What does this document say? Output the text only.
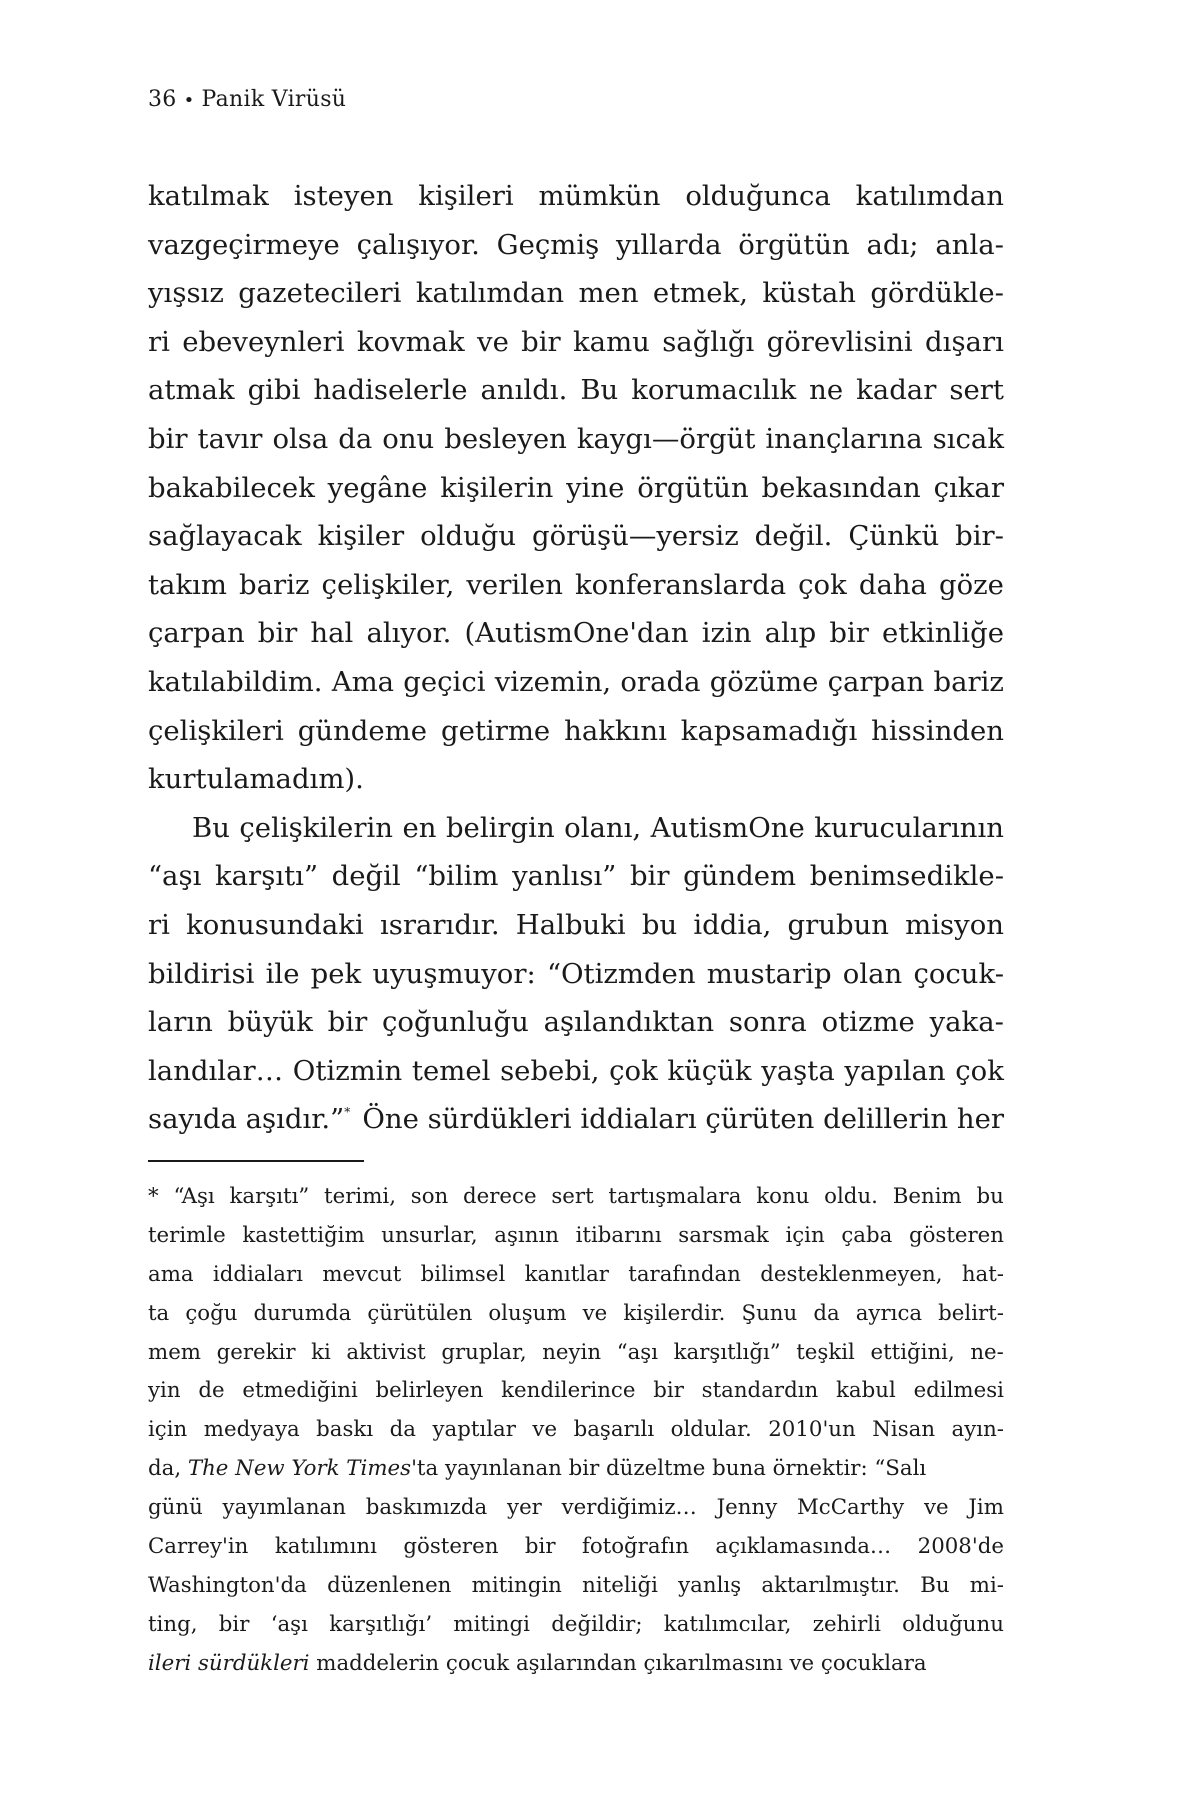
36 • Panik Virüsü
katılmak isteyen kişileri mümkün olduğunca katılımdan
vazgeçirmeye çalışıyor. Geçmiş yıllarda örgütün adı; anla-
yışsız gazetecileri katılımdan men etmek, küstah gördükle-
ri ebeveynleri kovmak ve bir kamu sağlığı görevlisini dışarı
atmak gibi hadiselerle anıldı. Bu korumacılık ne kadar sert
bir tavır olsa da onu besleyen kaygı—örgüt inançlarına sıcak
bakabilecek yegâne kişilerin yine örgütün bekasından çıkar
sağlayacak kişiler olduğu görüşü—yersiz değil. Çünkü bir-
takım bariz çelişkiler, verilen konferanslarda çok daha göze
çarpan bir hal alıyor. (AutismOne'dan izin alıp bir etkinliğe
katılabildim. Ama geçici vizemin, orada gözüme çarpan bariz
çelişkileri gündeme getirme hakkını kapsamadığı hissinden
kurtulamadım).
Bu çelişkilerin en belirgin olanı, AutismOne kurucularının
“aşı karşıtı” değil “bilim yanlısı” bir gündem benimsedikle-
ri konusundaki ısrarıdır. Halbuki bu iddia, grubun misyon
bildirisi ile pek uyuşmuyor: “Otizmden mustarip olan çocuk-
ların büyük bir çoğunluğu aşılandıktan sonra otizme yaka-
landılar… Otizmin temel sebebi, çok küçük yaşta yapılan çok
sayıda aşıdır.”* Öne sürdükleri iddiaları çürüten delillerin her
* “Aşı karşıtı” terimi, son derece sert tartışmalara konu oldu. Benim bu
terimle kastettiğim unsurlar, aşının itibarını sarsmak için çaba gösteren
ama iddiaları mevcut bilimsel kanıtlar tarafından desteklenmeyen, hat-
ta çoğu durumda çürütülen oluşum ve kişilerdir. Şunu da ayrıca belirt-
mem gerekir ki aktivist gruplar, neyin “aşı karşıtlığı” teşkil ettiğini, ne-
yin de etmediğini belirleyen kendilerince bir standardın kabul edilmesi
için medyaya baskı da yaptılar ve başarılı oldular. 2010'un Nisan ayın-
da, The New York Times'ta yayınlanan bir düzeltme buna örnektir: “Salı
günü yayımlanan baskımızda yer verdiğimiz… Jenny McCarthy ve Jim
Carrey'in katılımını gösteren bir fotoğrafın açıklamasında… 2008'de
Washington'da düzenlenen mitingin niteliği yanlış aktarılmıştır. Bu mi-
ting, bir ‘aşı karşıtlığı’ mitingi değildir; katılımcılar, zehirli olduğunu
ileri sürdükleri maddelerin çocuk aşılarından çıkarılmasını ve çocuklara
